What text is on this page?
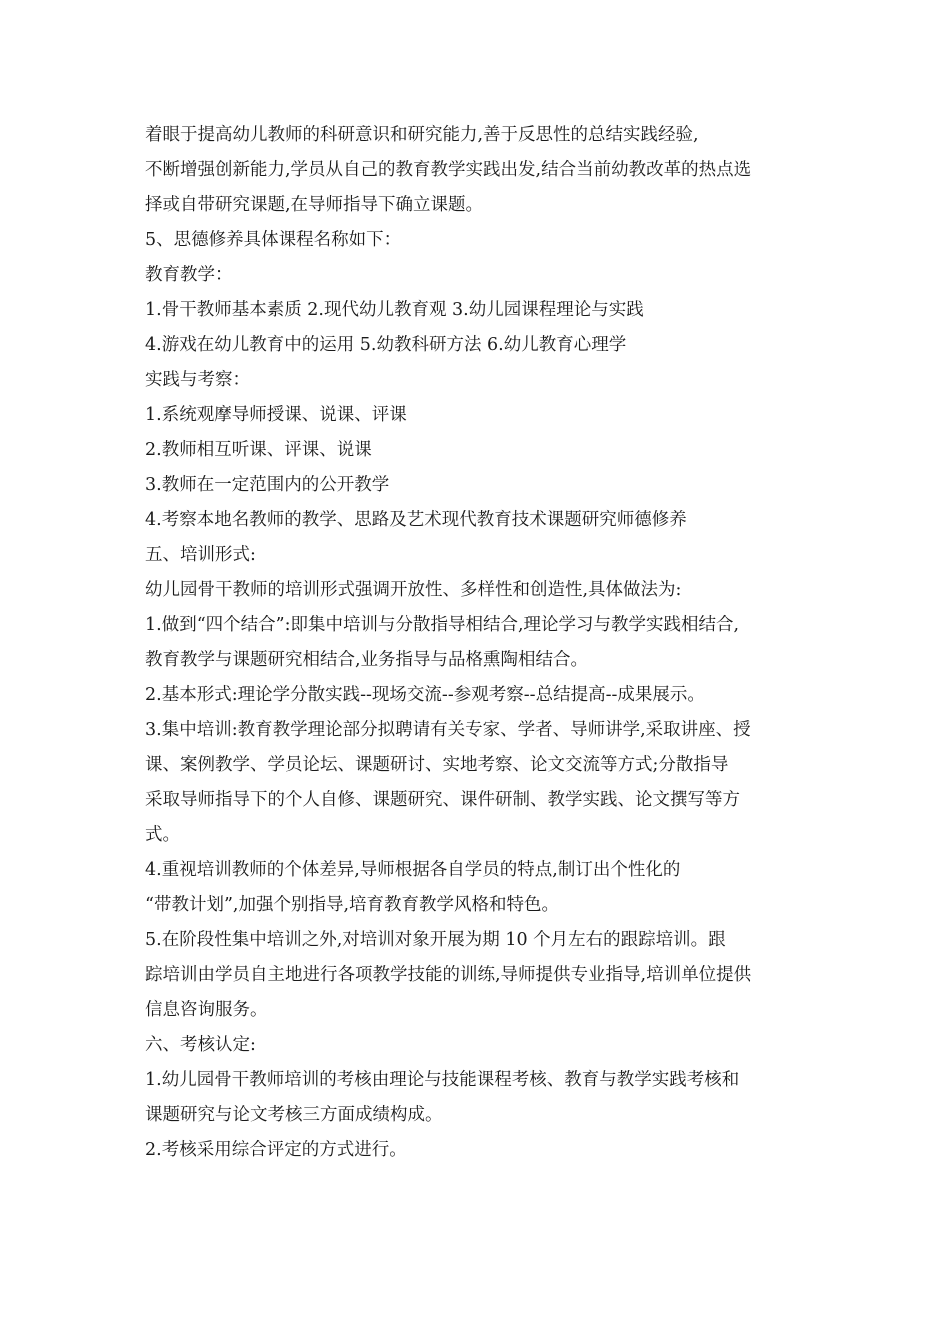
着眼于提高幼儿教师的科研意识和研究能力,善于反思性的总结实践经验,
不断增强创新能力,学员从自己的教育教学实践出发,结合当前幼教改革的热点选
择或自带研究课题,在导师指导下确立课题。
5、思德修养具体课程名称如下：
教育教学：
1.骨干教师基本素质 2.现代幼儿教育观 3.幼儿园课程理论与实践
4.游戏在幼儿教育中的运用 5.幼教科研方法 6.幼儿教育心理学
实践与考察：
1.系统观摩导师授课、说课、评课
2.教师相互听课、评课、说课
3.教师在一定范围内的公开教学
4.考察本地名教师的教学、思路及艺术现代教育技术课题研究师德修养
五、培训形式:
幼儿园骨干教师的培训形式强调开放性、多样性和创造性,具体做法为:
1.做到“四个结合”:即集中培训与分散指导相结合,理论学习与教学实践相结合,
教育教学与课题研究相结合,业务指导与品格熏陶相结合。
2.基本形式:理论学分散实践--现场交流--参观考察--总结提高--成果展示。
3.集中培训:教育教学理论部分拟聘请有关专家、学者、导师讲学,采取讲座、授
课、案例教学、学员论坛、课题研讨、实地考察、论文交流等方式;分散指导
采取导师指导下的个人自修、课题研究、课件研制、教学实践、论文撰写等方
式。
4.重视培训教师的个体差异,导师根据各自学员的特点,制订出个性化的
“带教计划”,加强个别指导,培育教育教学风格和特色。
5.在阶段性集中培训之外,对培训对象开展为期 10 个月左右的跟踪培训。跟
踪培训由学员自主地进行各项教学技能的训练,导师提供专业指导,培训单位提供
信息咨询服务。
六、考核认定:
1.幼儿园骨干教师培训的考核由理论与技能课程考核、教育与教学实践考核和
课题研究与论文考核三方面成绩构成。
2.考核采用综合评定的方式进行。
